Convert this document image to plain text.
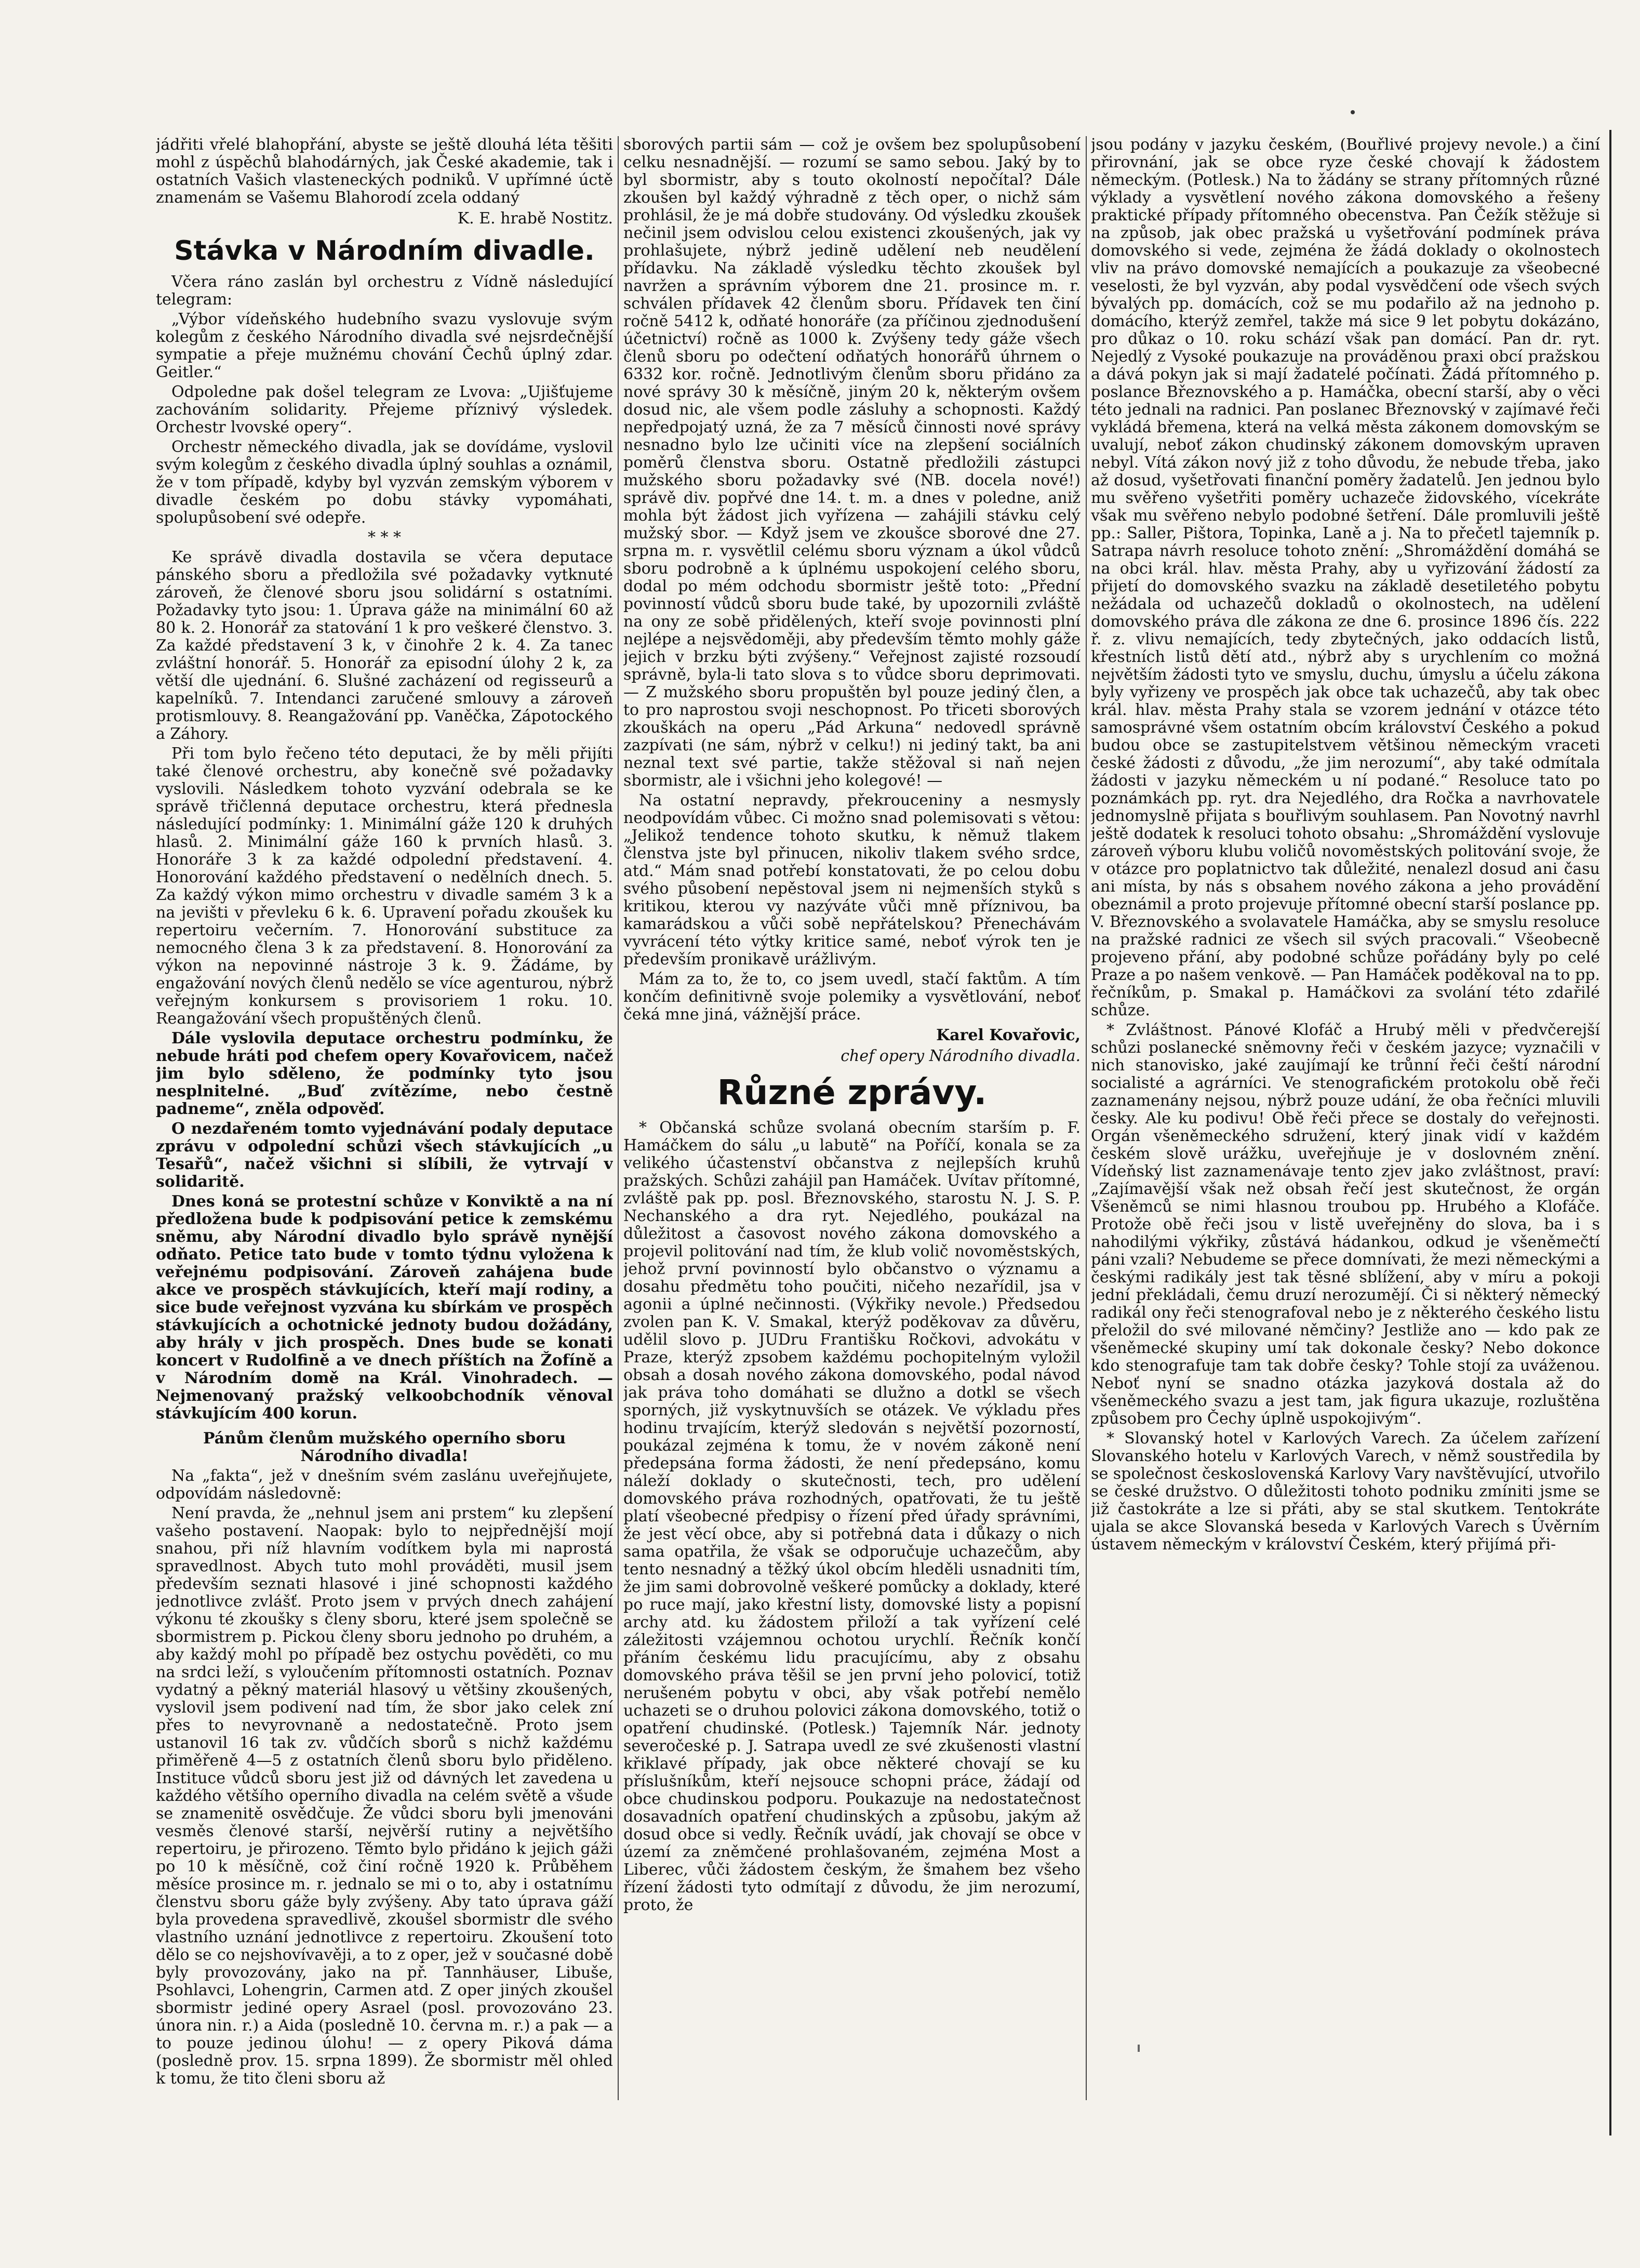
jádřiti vřelé blahopřání, abyste se ještě dlouhá léta těšiti mohl z úspěchů blahodárných, jak České akademie, tak i ostatních Vašich vlasteneckých podniků. V upřímné úctě znamenám se Vašemu Blahorodí zcela oddaný

K. E. hrabě Nostitz.

Stávka v Národním divadle.

Včera ráno zaslán byl orchestru z Vídně následující telegram:

„Výbor vídeňského hudebního svazu vyslovuje svým kolegům z českého Národního divadla své nejsrdečnější sympatie a přeje mužnému chování Čechů úplný zdar. Geitler.“

Odpoledne pak došel telegram ze Lvova: „Ujišťujeme zachováním solidarity. Přejeme příznivý výsledek. Orchestr lvovské opery“.

Orchestr německého divadla, jak se dovídáme, vyslovil svým kolegům z českého divadla úplný souhlas a oznámil, že v tom případě, kdyby byl vyzván zemským výborem v divadle českém po dobu stávky vypomáhati, spolupůsobení své odepře.

* * *

Ke správě divadla dostavila se včera deputace pánského sboru a předložila své požadavky vytknuté zároveň, že členové sboru jsou solidární s ostatními. Požadavky tyto jsou: 1. Úprava gáže na minimální 60 až 80 k. 2. Honorář za statování 1 k pro veškeré členstvo. 3. Za každé představení 3 k, v činohře 2 k. 4. Za tanec zvláštní honorář. 5. Honorář za episodní úlohy 2 k, za větší dle ujednání. 6. Slušné zacházení od regisseurů a kapelníků. 7. Intendanci zaručené smlouvy a zároveň protismlouvy. 8. Reangažování pp. Vaněčka, Zápotockého a Záhory.

Při tom bylo řečeno této deputaci, že by měli přijíti také členové orchestru, aby konečně své požadavky vyslovili. Následkem tohoto vyzvání odebrala se ke správě třičlenná deputace orchestru, která přednesla následující podmínky: 1. Minimální gáže 120 k druhých hlasů. 2. Minimální gáže 160 k prvních hlasů. 3. Honoráře 3 k za každé odpolední představení. 4. Honorování každého představení o nedělních dnech. 5. Za každý výkon mimo orchestru v divadle samém 3 k a na jevišti v převleku 6 k. 6. Upravení pořadu zkoušek ku repertoiru večerním. 7. Honorování substituce za nemocného člena 3 k za představení. 8. Honorování za výkon na nepovinné nástroje 3 k. 9. Žádáme, by engažování nových členů nedělo se více agenturou, nýbrž veřejným konkursem s provisoriem 1 roku. 10. Reangažování všech propuštěných členů.

Dále vyslovila deputace orchestru podmínku, že nebude hráti pod chefem opery Kovařovicem, načež jim bylo sděleno, že podmínky tyto jsou nesplnitelné. „Buď zvítězíme, nebo čestně padneme“, zněla odpověď.

O nezdařeném tomto vyjednávání podaly deputace zprávu v odpolední schůzi všech stávkujících „u Tesařů“, načež všichni si slíbili, že vytrvají v solidaritě.

Dnes koná se protestní schůze v Konviktě a na ní předložena bude k podpisování petice k zemskému sněmu, aby Národní divadlo bylo správě nynější odňato. Petice tato bude v tomto týdnu vyložena k veřejnému podpisování. Zároveň zahájena bude akce ve prospěch stávkujících, kteří mají rodiny, a sice bude veřejnost vyzvána ku sbírkám ve prospěch stávkujících a ochotnické jednoty budou dožádány, aby hrály v jich prospěch. Dnes bude se konati koncert v Rudolfině a ve dnech příštích na Žofíně a v Národním domě na Král. Vinohradech. — Nejmenovaný pražský velkoobchodník věnoval stávkujícím 400 korun.

Pánům členům mužského operního sboru Národního divadla!

Na „fakta“, jež v dnešním svém zaslánu uveřejňujete, odpovídám následovně:

Není pravda, že „nehnul jsem ani prstem“ ku zlepšení vašeho postavení. Naopak: bylo to nejpřednější mojí snahou, při níž hlavním vodítkem byla mi naprostá spravedlnost. Abych tuto mohl prováděti, musil jsem především seznati hlasové i jiné schopnosti každého jednotlivce zvlášť. Proto jsem v prvých dnech zahájení výkonu té zkoušky s členy sboru, které jsem společně se sbormistrem p. Pickou členy sboru jednoho po druhém, a aby každý mohl po případě bez ostychu pověděti, co mu na srdci leží, s vyloučením přítomnosti ostatních. Poznav vydatný a pěkný materiál hlasový u většiny zkoušených, vyslovil jsem podivení nad tím, že sbor jako celek zní přes to nevyrovnaně a nedostatečně. Proto jsem ustanovil 16 tak zv. vůdčích sborů s nichž každému přiměřeně 4—5 z ostatních členů sboru bylo přiděleno. Instituce vůdců sboru jest již od dávných let zavedena u každého většího operního divadla na celém světě a všude se znamenitě osvědčuje. Že vůdci sboru byli jmenováni vesměs členové starší, nejvěrší rutiny a největšího repertoiru, je přirozeno. Těmto bylo přidáno k jejich gáži po 10 k měsíčně, což činí ročně 1920 k. Průběhem měsíce prosince m. r. jednalo se mi o to, aby i ostatnímu členstvu sboru gáže byly zvýšeny. Aby tato úprava gáží byla provedena spravedlivě, zkoušel sbormistr dle svého vlastního uznání jednotlivce z repertoiru. Zkoušení toto dělo se co nejshovívavěji, a to z oper, jež v současné době byly provozovány, jako na př. Tannhäuser, Libuše, Psohlavci, Lohengrin, Carmen atd. Z oper jiných zkoušel sbormistr jediné opery Asrael (posl. provozováno 23. února nin. r.) a Aida (posledně 10. června m. r.) a pak — a to pouze jedinou úlohu! — z opery Piková dáma (posledně prov. 15. srpna 1899). Že sbormistr měl ohled k tomu, že tito členi sboru až

sborových partii sám — což je ovšem bez spolupůsobení celku nesnadnější. — rozumí se samo sebou. Jaký by to byl sbormistr, aby s touto okolností nepočítal? Dále zkoušen byl každý výhradně z těch oper, o nichž sám prohlásil, že je má dobře studovány. Od výsledku zkoušek nečinil jsem odvislou celou existenci zkoušených, jak vy prohlašujete, nýbrž jedině udělení neb neudělení přídavku. Na základě výsledku těchto zkoušek byl navržen a správním výborem dne 21. prosince m. r. schválen přídavek 42 členům sboru. Přídavek ten činí ročně 5412 k, odňaté honoráře (za příčinou zjednodušení účetnictví) ročně as 1000 k. Zvýšeny tedy gáže všech členů sboru po odečtení odňatých honorářů úhrnem o 6332 kor. ročně. Jednotlivým členům sboru přidáno za nové správy 30 k měsíčně, jiným 20 k, některým ovšem dosud nic, ale všem podle zásluhy a schopnosti. Každý nepředpojatý uzná, že za 7 měsíců činnosti nové správy nesnadno bylo lze učiniti více na zlepšení sociálních poměrů členstva sboru. Ostatně předložili zástupci mužského sboru požadavky své (NB. docela nové!) správě div. popřvé dne 14. t. m. a dnes v poledne, aniž mohla být žádost jich vyřízena — zahájili stávku celý mužský sbor. — Když jsem ve zkoušce sborové dne 27. srpna m. r. vysvětlil celému sboru význam a úkol vůdců sboru podrobně a k úplnému uspokojení celého sboru, dodal po mém odchodu sbormistr ještě toto: „Přední povinností vůdců sboru bude také, by upozornili zvláště na ony ze sobě přidělených, kteří svoje povinnosti plní nejlépe a nejsvědoměji, aby především těmto mohly gáže jejich v brzku býti zvýšeny.“ Veřejnost zajisté rozsoudí správně, byla-li tato slova s to vůdce sboru deprimovati. — Z mužského sboru propuštěn byl pouze jediný člen, a to pro naprostou svoji neschopnost. Po třiceti sborových zkouškách na operu „Pád Arkuna“ nedovedl správně zazpívati (ne sám, nýbrž v celku!) ni jediný takt, ba ani neznal text své partie, takže stěžoval si naň nejen sbormistr, ale i všichni jeho kolegové! —

Na ostatní nepravdy, překrouceniny a nesmysly neodpovídám vůbec. Ci možno snad polemisovati s větou: „Jelikož tendence tohoto skutku, k němuž tlakem členstva jste byl přinucen, nikoliv tlakem svého srdce, atd.“ Mám snad potřebí konstatovati, že po celou dobu svého působení nepěstoval jsem ni nejmenších styků s kritikou, kterou vy nazýváte vůči mně příznivou, ba kamarádskou a vůči sobě nepřátelskou? Přenechávám vyvrácení této výtky kritice samé, neboť výrok ten je především pronikavě urážlivým.

Mám za to, že to, co jsem uvedl, stačí faktům. A tím končím definitivně svoje polemiky a vysvětlování, neboť čeká mne jiná, vážnější práce.

Karel Kovařovic,

chef opery Národního divadla.

Různé zprávy.

* Občanská schůze svolaná obecním starším p. F. Hamáčkem do sálu „u labutě“ na Poříčí, konala se za velikého účastenství občanstva z nejlepších kruhů pražských. Schůzi zahájil pan Hamáček. Uvítav přítomné, zvláště pak pp. posl. Březnovského, starostu N. J. S. P. Nechanského a dra ryt. Nejedlého, poukázal na důležitost a časovost nového zákona domovského a projevil politování nad tím, že klub volič novoměstských, jehož první povinností bylo občanstvo o významu a dosahu předmětu toho poučiti, ničeho nezařídil, jsa v agonii a úplné nečinnosti. (Výkřiky nevole.) Předsedou zvolen pan K. V. Smakal, kterýž poděkovav za důvěru, udělil slovo p. JUDru Františku Ročkovi, advokátu v Praze, kterýž zpsobem každému pochopitelným vyložil obsah a dosah nového zákona domovského, podal návod jak práva toho domáhati se dlužno a dotkl se všech sporných, již vyskytnuvších se otázek. Ve výkladu přes hodinu trvajícím, kterýž sledován s největší pozorností, poukázal zejména k tomu, že v novém zákoně není předepsána forma žádosti, že není předepsáno, komu náleží doklady o skutečnosti, tech, pro udělení domovského práva rozhodných, opatřovati, že tu ještě platí všeobecné předpisy o řízení před úřady správními, že jest věcí obce, aby si potřebná data i důkazy o nich sama opatřila, že však se odporučuje uchazečům, aby tento nesnadný a těžký úkol obcím hleděli usnadniti tím, že jim sami dobrovolně veškeré pomůcky a doklady, které po ruce mají, jako křestní listy, domovské listy a popisní archy atd. ku žádostem přiloží a tak vyřízení celé záležitosti vzájemnou ochotou urychlí. Řečník končí přáním českému lidu pracujícímu, aby z obsahu domovského práva těšil se jen první jeho polovicí, totiž nerušeném pobytu v obci, aby však potřebí nemělo uchazeti se o druhou polovici zákona domovského, totiž o opatření chudinské. (Potlesk.) Tajemník Nár. jednoty severočeské p. J. Satrapa uvedl ze své zkušenosti vlastní křiklavé případy, jak obce některé chovají se ku příslušníkům, kteří nejsouce schopni práce, žádají od obce chudinskou podporu. Poukazuje na nedostatečnost dosavadních opatření chudinských a způsobu, jakým až dosud obce si vedly. Řečník uvádí, jak chovají se obce v území za zněmčené prohlašovaném, zejména Most a Liberec, vůči žádostem českým, že šmahem bez všeho řízení žádosti tyto odmítají z důvodu, že jim nerozumí, proto, že

jsou podány v jazyku českém, (Bouřlivé projevy nevole.) a činí přirovnání, jak se obce ryze české chovají k žádostem německým. (Potlesk.) Na to žádány se strany přítomných různé výklady a vysvětlení nového zákona domovského a řešeny praktické případy přítomného obecenstva. Pan Čežík stěžuje si na způsob, jak obec pražská u vyšetřování podmínek práva domovského si vede, zejména že žádá doklady o okolnostech vliv na právo domovské nemajících a poukazuje za všeobecné veselosti, že byl vyzván, aby podal vysvědčení ode všech svých bývalých pp. domácích, což se mu podařilo až na jednoho p. domácího, kterýž zemřel, takže má sice 9 let pobytu dokázáno, pro důkaz o 10. roku schází však pan domácí. Pan dr. ryt. Nejedlý z Vysoké poukazuje na prováděnou praxi obcí pražskou a dává pokyn jak si mají žadatelé počínati. Žádá přítomného p. poslance Březnovského a p. Hamáčka, obecní starší, aby o věci této jednali na radnici. Pan poslanec Březnovský v zajímavé řeči vykládá břemena, která na velká města zákonem domovským se uvalují, neboť zákon chudinský zákonem domovským upraven nebyl. Vítá zákon nový již z toho důvodu, že nebude třeba, jako až dosud, vyšetřovati finanční poměry žadatelů. Jen jednou bylo mu svěřeno vyšetřiti poměry uchazeče židovského, vícekráte však mu svěřeno nebylo podobné šetření. Dále promluvili ještě pp.: Saller, Pištora, Topinka, Laně a j. Na to přečetl tajemník p. Satrapa návrh resoluce tohoto znění: „Shromáždění domáhá se na obci král. hlav. města Prahy, aby u vyřizování žádostí za přijetí do domovského svazku na základě desetiletého pobytu nežádala od uchazečů dokladů o okolnostech, na udělení domovského práva dle zákona ze dne 6. prosince 1896 čís. 222 ř. z. vlivu nemajících, tedy zbytečných, jako oddacích listů, křestních listů dětí atd., nýbrž aby s urychlením co možná největším žádosti tyto ve smyslu, duchu, úmyslu a účelu zákona byly vyřizeny ve prospěch jak obce tak uchazečů, aby tak obec král. hlav. města Prahy stala se vzorem jednání v otázce této samosprávné všem ostatním obcím království Českého a pokud budou obce se zastupitelstvem většinou německým vraceti české žádosti z důvodu, „že jim nerozumí“, aby také odmítala žádosti v jazyku německém u ní podané.“ Resoluce tato po poznámkách pp. ryt. dra Nejedlého, dra Ročka a navrhovatele jednomyslně přijata s bouřlivým souhlasem. Pan Novotný navrhl ještě dodatek k resoluci tohoto obsahu: „Shromáždění vyslovuje zároveň výboru klubu voličů novoměstských politování svoje, že v otázce pro poplatnictvo tak důležité, nenalezl dosud ani času ani místa, by nás s obsahem nového zákona a jeho provádění obeznámil a proto projevuje přítomné obecní starší poslance pp. V. Březnovského a svolavatele Hamáčka, aby se smyslu resoluce na pražské radnici ze všech sil svých pracovali.“ Všeobecně projeveno přání, aby podobné schůze pořádány byly po celé Praze a po našem venkově. — Pan Hamáček poděkoval na to pp. řečníkům, p. Smakal p. Hamáčkovi za svolání této zdařilé schůze.

* Zvláštnost. Pánové Klofáč a Hrubý měli v předvčerejší schůzi poslanecké sněmovny řeči v českém jazyce; vyznačili v nich stanovisko, jaké zaujímají ke trůnní řeči čeští národní socialisté a agrárníci. Ve stenografickém protokolu obě řeči zaznamenány nejsou, nýbrž pouze udání, že oba řečníci mluvili česky. Ale ku podivu! Obě řeči přece se dostaly do veřejnosti. Orgán všeněmeckého sdružení, který jinak vidí v každém českém slově urážku, uveřejňuje je v doslovném znění. Vídeňský list zaznamenávaje tento zjev jako zvláštnost, praví: „Zajímavější však než obsah řečí jest skutečnost, že orgán Všeněmců se nimi hlasnou troubou pp. Hrubého a Klofáče. Protože obě řeči jsou v listě uveřejněny do slova, ba i s nahodilými výkřiky, zůstává hádankou, odkud je všeněmečtí páni vzali? Nebudeme se přece domnívati, že mezi německými a českými radikály jest tak těsné sblížení, aby v míru a pokoji jední překládali, čemu druzí nerozumějí. Či si některý německý radikál ony řeči stenografoval nebo je z některého českého listu přeložil do své milované němčiny? Jestliže ano — kdo pak ze všeněmecké skupiny umí tak dokonale česky? Nebo dokonce kdo stenografuje tam tak dobře česky? Tohle stojí za uváženou. Neboť nyní se snadno otázka jazyková dostala až do všeněmeckého svazu a jest tam, jak figura ukazuje, rozluštěna způsobem pro Čechy úplně uspokojivým“.

* Slovanský hotel v Karlových Varech. Za účelem zařízení Slovanského hotelu v Karlových Varech, v němž soustředila by se společnost československá Karlovy Vary navštěvující, utvořilo se české družstvo. O důležitosti tohoto podniku zmíniti jsme se již častokráte a lze si přáti, aby se stal skutkem. Tentokráte ujala se akce Slovanská beseda v Karlových Varech s Úvěrním ústavem německým v království Českém, který přijímá při-
